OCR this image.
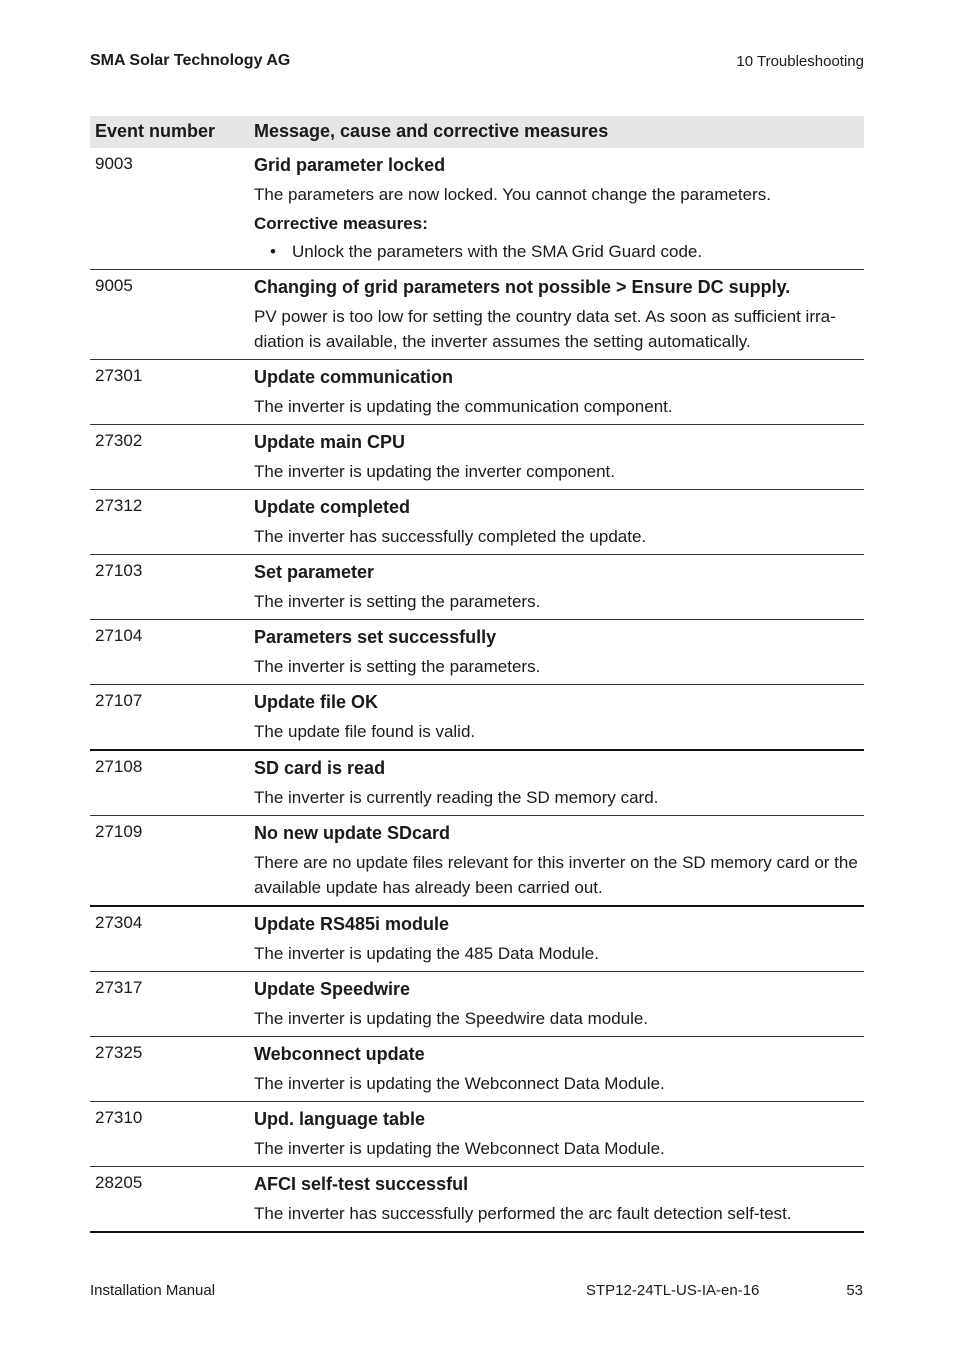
SMA Solar Technology AG	10 Troubleshooting
Event number	Message, cause and corrective measures
9003	Grid parameter locked
The parameters are now locked. You cannot change the parameters.
Corrective measures:
• Unlock the parameters with the SMA Grid Guard code.

9005	Changing of grid parameters not possible > Ensure DC supply.
PV power is too low for setting the country data set. As soon as sufficient irra-diation is available, the inverter assumes the setting automatically.

27301	Update communication
The inverter is updating the communication component.

27302	Update main CPU
The inverter is updating the inverter component.

27312	Update completed
The inverter has successfully completed the update.

27103	Set parameter
The inverter is setting the parameters.

27104	Parameters set successfully
The inverter is setting the parameters.

27107	Update file OK
The update file found is valid.

27108	SD card is read
The inverter is currently reading the SD memory card.

27109	No new update SDcard
There are no update files relevant for this inverter on the SD memory card or the available update has already been carried out.

27304	Update RS485i module
The inverter is updating the 485 Data Module.

27317	Update Speedwire
The inverter is updating the Speedwire data module.

27325	Webconnect update
The inverter is updating the Webconnect Data Module.

27310	Upd. language table
The inverter is updating the Webconnect Data Module.

28205	AFCI self-test successful
The inverter has successfully performed the arc fault detection self-test.
Installation Manual	STP12-24TL-US-IA-en-16	53
